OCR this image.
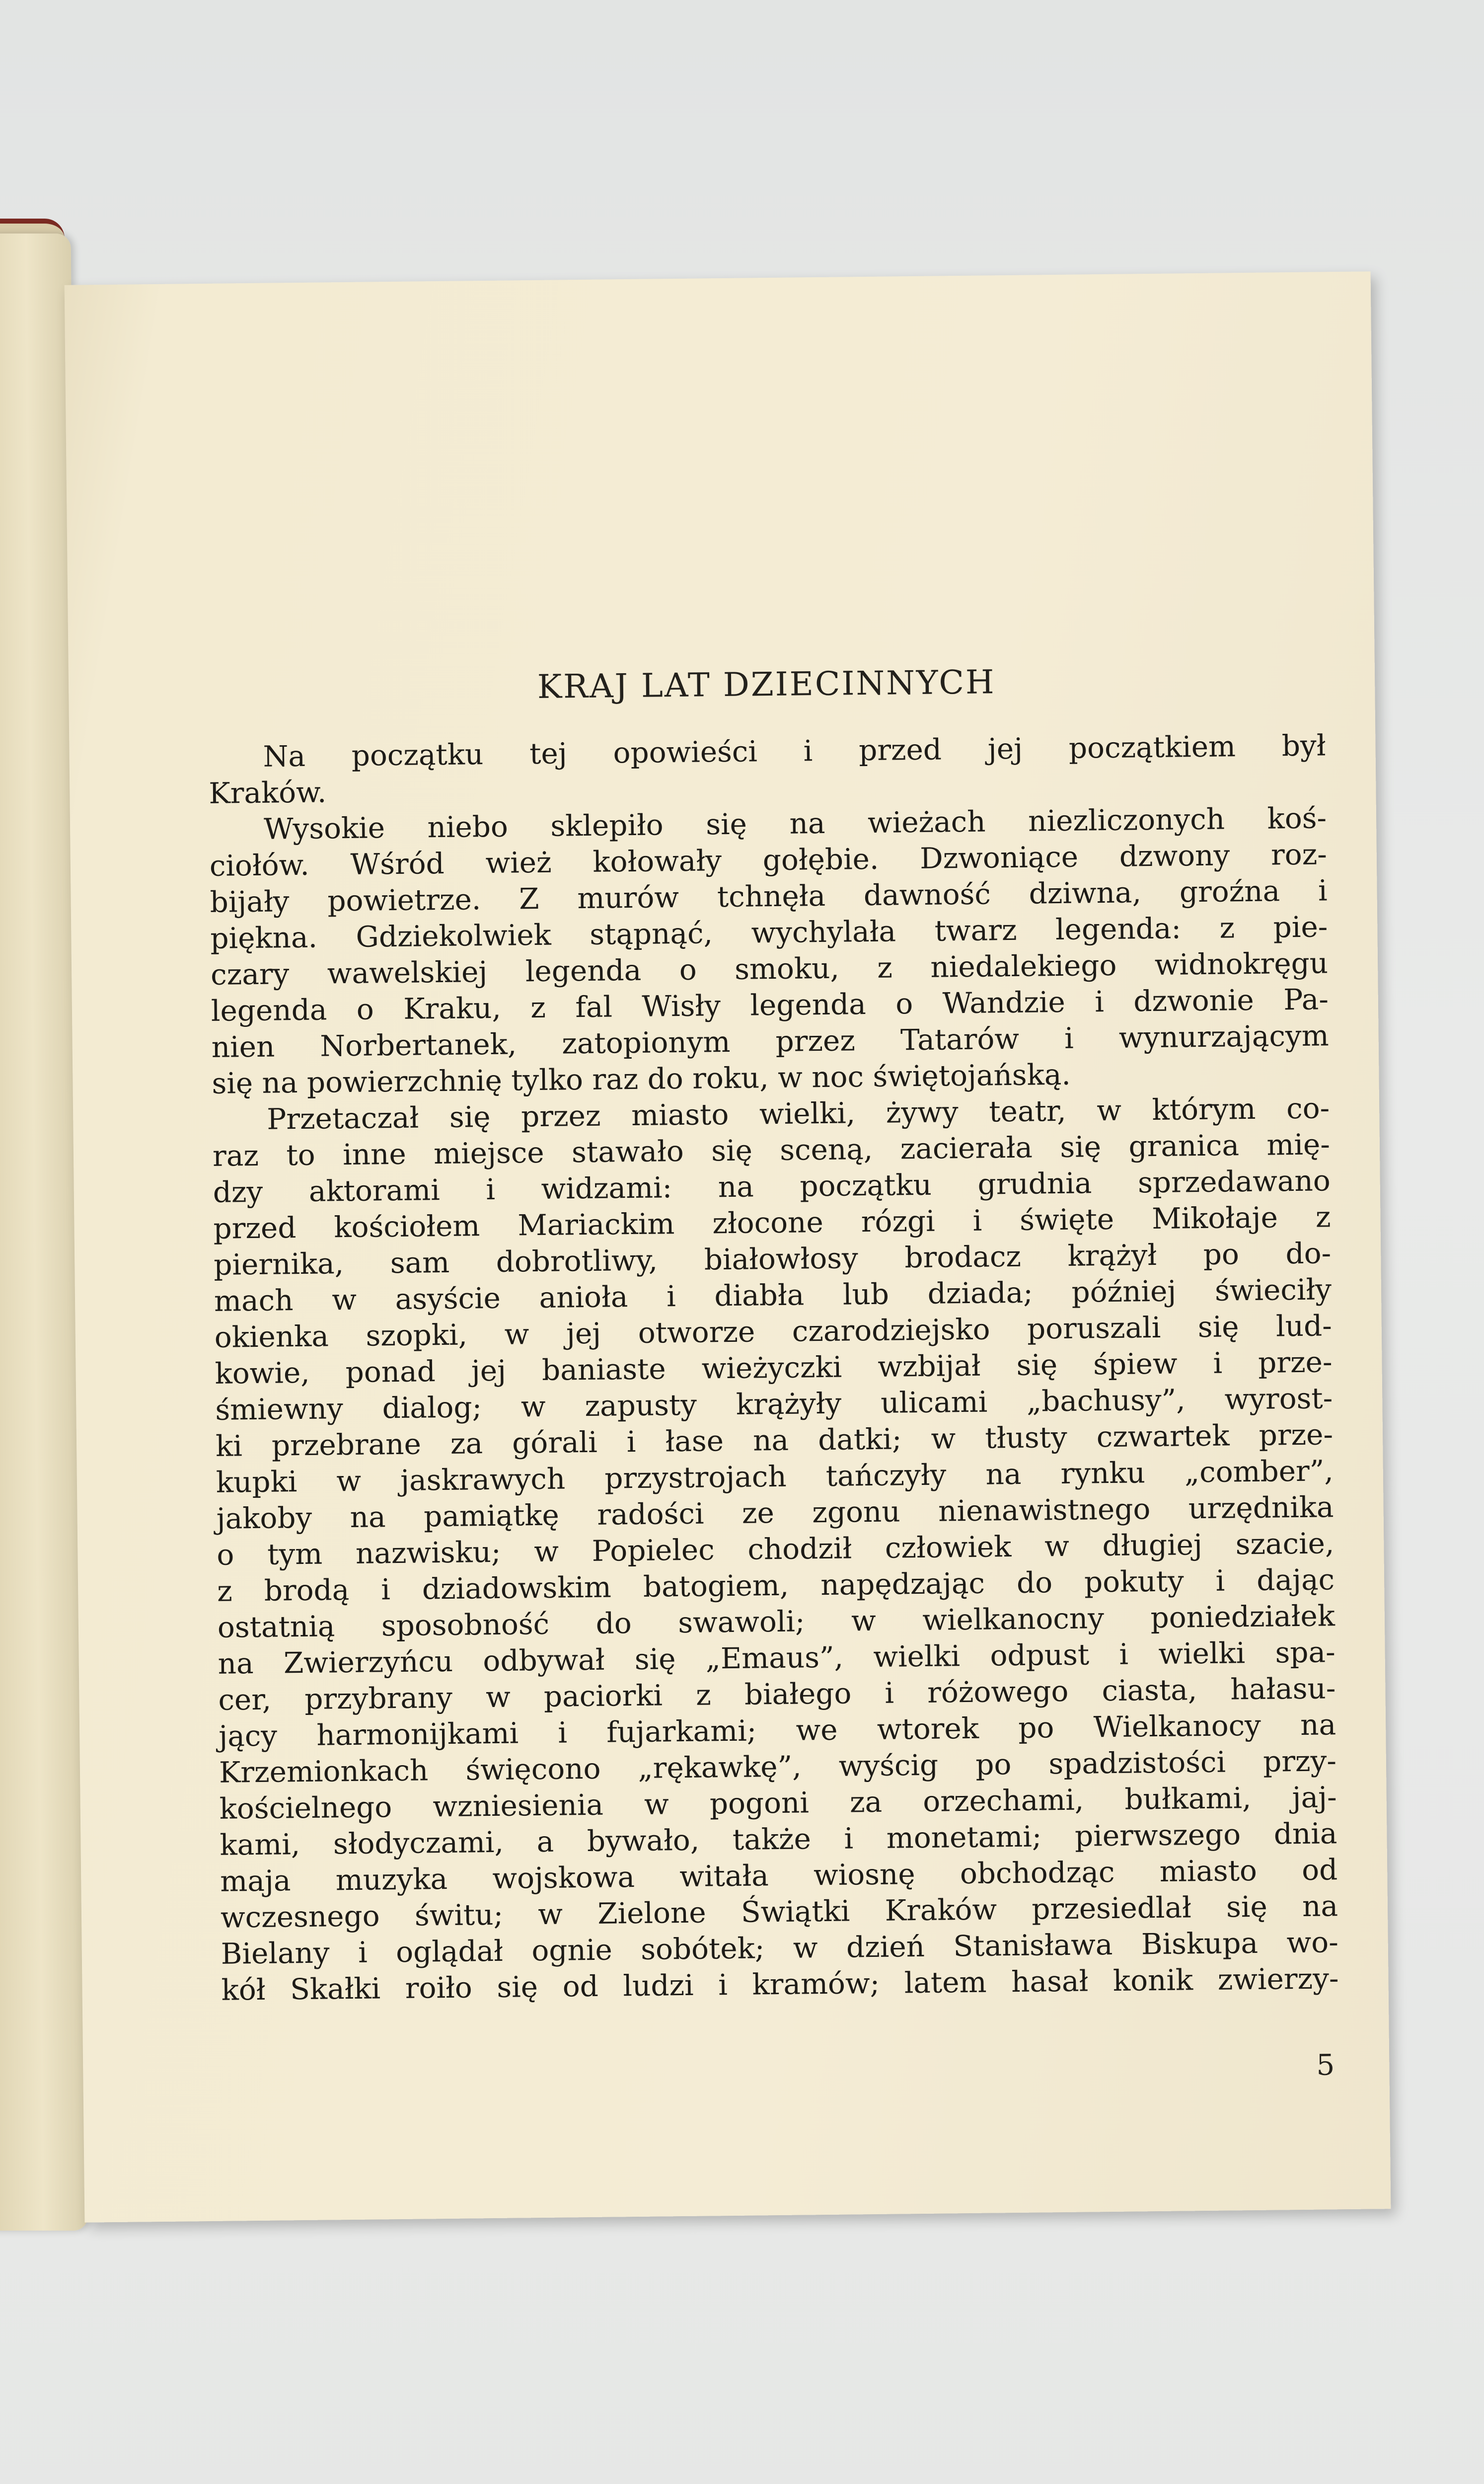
KRAJ LAT DZIECINNYCH

Na początku tej opowieści i przed jej początkiem był
Kraków.

Wysokie niebo sklepiło się na wieżach niezliczonych koś-
ciołów. Wśród wież kołowały gołębie. Dzwoniące dzwony roz-
bijały powietrze. Z murów tchnęła dawność dziwna, groźna i
piękna. Gdziekolwiek stąpnąć, wychylała twarz legenda: z pie-
czary wawelskiej legenda o smoku, z niedalekiego widnokręgu
legenda o Kraku, z fal Wisły legenda o Wandzie i dzwonie Pa-
nien Norbertanek, zatopionym przez Tatarów i wynurzającym
się na powierzchnię tylko raz do roku, w noc świętojańską.

Przetaczał się przez miasto wielki, żywy teatr, w którym co-
raz to inne miejsce stawało się sceną, zacierała się granica mię-
dzy aktorami i widzami: na początku grudnia sprzedawano
przed kościołem Mariackim złocone rózgi i święte Mikołaje z
piernika, sam dobrotliwy, białowłosy brodacz krążył po do-
mach w asyście anioła i diabła lub dziada; później świeciły
okienka szopki, w jej otworze czarodziejsko poruszali się lud-
kowie, ponad jej baniaste wieżyczki wzbijał się śpiew i prze-
śmiewny dialog; w zapusty krążyły ulicami „bachusy”, wyrost-
ki przebrane za górali i łase na datki; w tłusty czwartek prze-
kupki w jaskrawych przystrojach tańczyły na rynku „comber”,
jakoby na pamiątkę radości ze zgonu nienawistnego urzędnika
o tym nazwisku; w Popielec chodził człowiek w długiej szacie,
z brodą i dziadowskim batogiem, napędzając do pokuty i dając
ostatnią sposobność do swawoli; w wielkanocny poniedziałek
na Zwierzyńcu odbywał się „Emaus”, wielki odpust i wielki spa-
cer, przybrany w paciorki z białego i różowego ciasta, hałasu-
jący harmonijkami i fujarkami; we wtorek po Wielkanocy na
Krzemionkach święcono „rękawkę”, wyścig po spadzistości przy-
kościelnego wzniesienia w pogoni za orzechami, bułkami, jaj-
kami, słodyczami, a bywało, także i monetami; pierwszego dnia
maja muzyka wojskowa witała wiosnę obchodząc miasto od
wczesnego świtu; w Zielone Świątki Kraków przesiedlał się na
Bielany i oglądał ognie sobótek; w dzień Stanisława Biskupa wo-
kół Skałki roiło się od ludzi i kramów; latem hasał konik zwierzy-

5
